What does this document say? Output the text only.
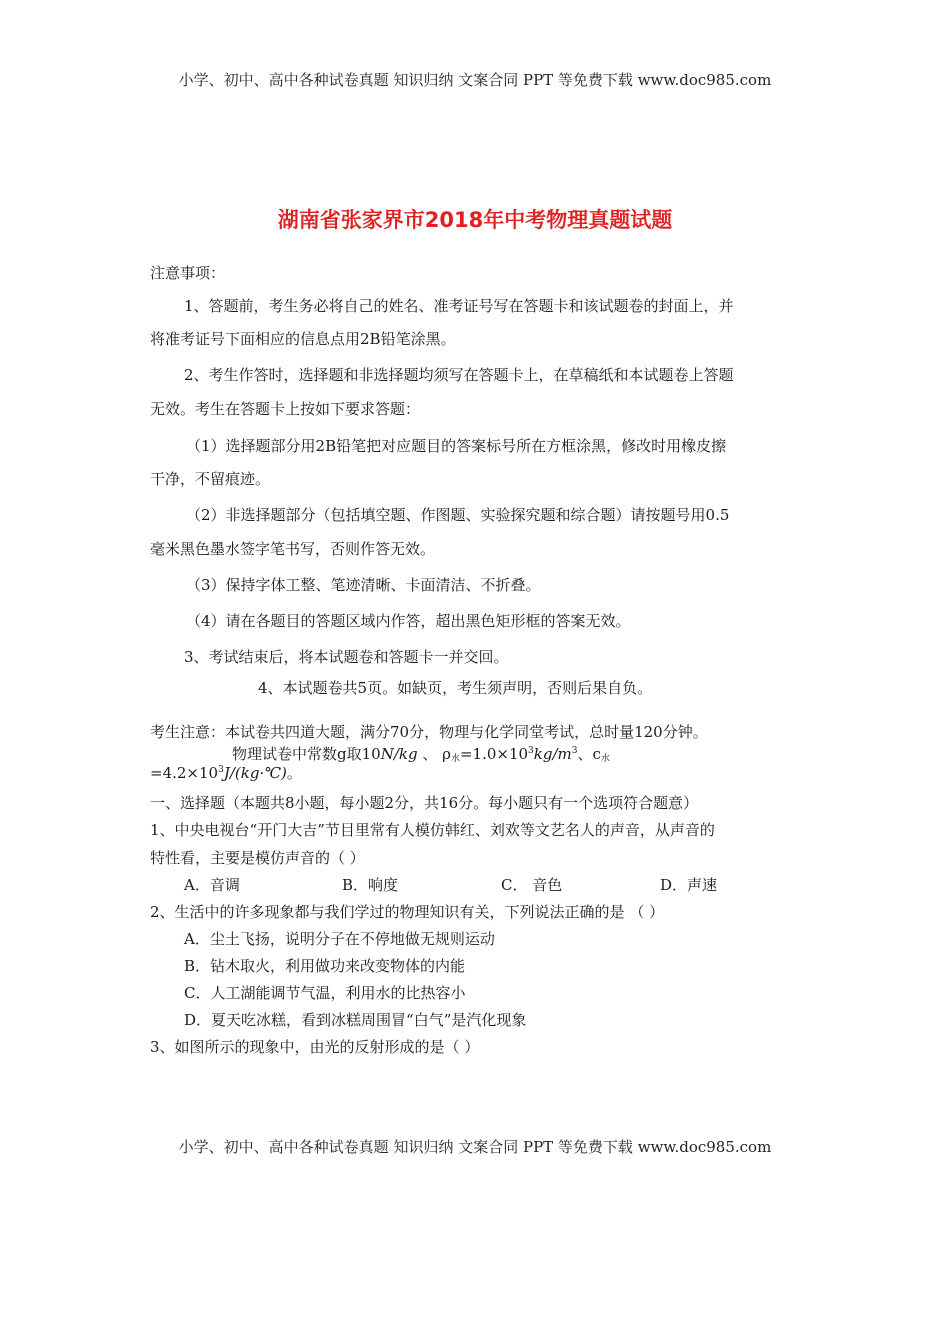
小学、初中、高中各种试卷真题 知识归纳 文案合同 PPT 等免费下载 www.doc985.com
湖南省张家界市2018年中考物理真题试题
注意事项：
1、答题前，考生务必将自己的姓名、准考证号写在答题卡和该试题卷的封面上，并
将准考证号下面相应的信息点用2B铅笔涂黑。
2、考生作答时，选择题和非选择题均须写在答题卡上，在草稿纸和本试题卷上答题
无效。考生在答题卡上按如下要求答题：
（1）选择题部分用2B铅笔把对应题目的答案标号所在方框涂黑，修改时用橡皮擦
干净，不留痕迹。
（2）非选择题部分（包括填空题、作图题、实验探究题和综合题）请按题号用0.5
毫米黑色墨水签字笔书写，否则作答无效。
（3）保持字体工整、笔迹清晰、卡面清洁、不折叠。
（4）请在各题目的答题区域内作答，超出黑色矩形框的答案无效。
3、考试结束后，将本试题卷和答题卡一并交回。
4、本试题卷共5页。如缺页，考生须声明，否则后果自负。
考生注意：本试卷共四道大题，满分70分，物理与化学同堂考试，总时量120分钟。
物理试卷中常数g取10N/kg 、 $\rho_水=1.0\times 10^3kg/m^3$、$c_水$
$=4.2\times 10^3J/(kg\cdot℃)$。
一、选择题（本题共8小题，每小题2分，共16分。每小题只有一个选项符合题意）
1、中央电视台“开门大吉”节目里常有人模仿韩红、刘欢等文艺名人的声音，从声音的
特性看，主要是模仿声音的（ ）
A．音调	B．响度	C． 音色	D．声速
2、生活中的许多现象都与我们学过的物理知识有关，下列说法正确的是 （ ）
A．尘土飞扬，说明分子在不停地做无规则运动
B．钻木取火，利用做功来改变物体的内能
C．人工湖能调节气温，利用水的比热容小
D．夏天吃冰糕，看到冰糕周围冒“白气”是汽化现象
3、如图所示的现象中，由光的反射形成的是（ ）
小学、初中、高中各种试卷真题 知识归纳 文案合同 PPT 等免费下载 www.doc985.com
